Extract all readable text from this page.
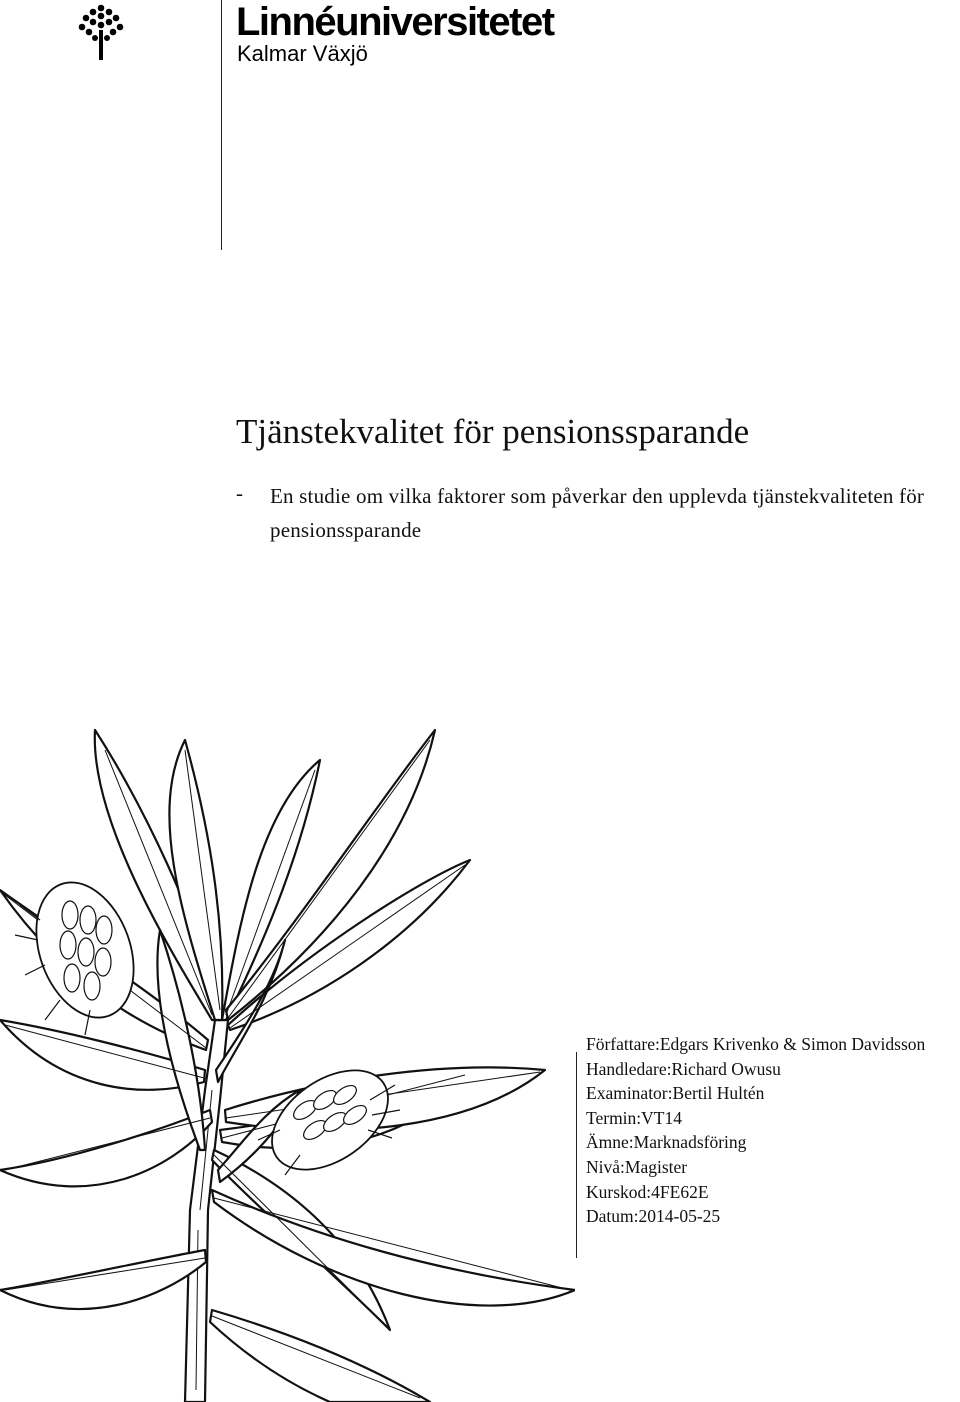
Linnéuniversitetet
Kalmar Växjö
Tjänstekvalitet för pensionssparande
- En studie om vilka faktorer som påverkar den upplevda tjänstekvaliteten för pensionssparande
Författare:Edgars Krivenko & Simon Davidsson
Handledare:Richard Owusu
Examinator:Bertil Hultén
Termin:VT14
Ämne:Marknadsföring
Nivå:Magister
Kurskod:4FE62E
Datum:2014-05-25
